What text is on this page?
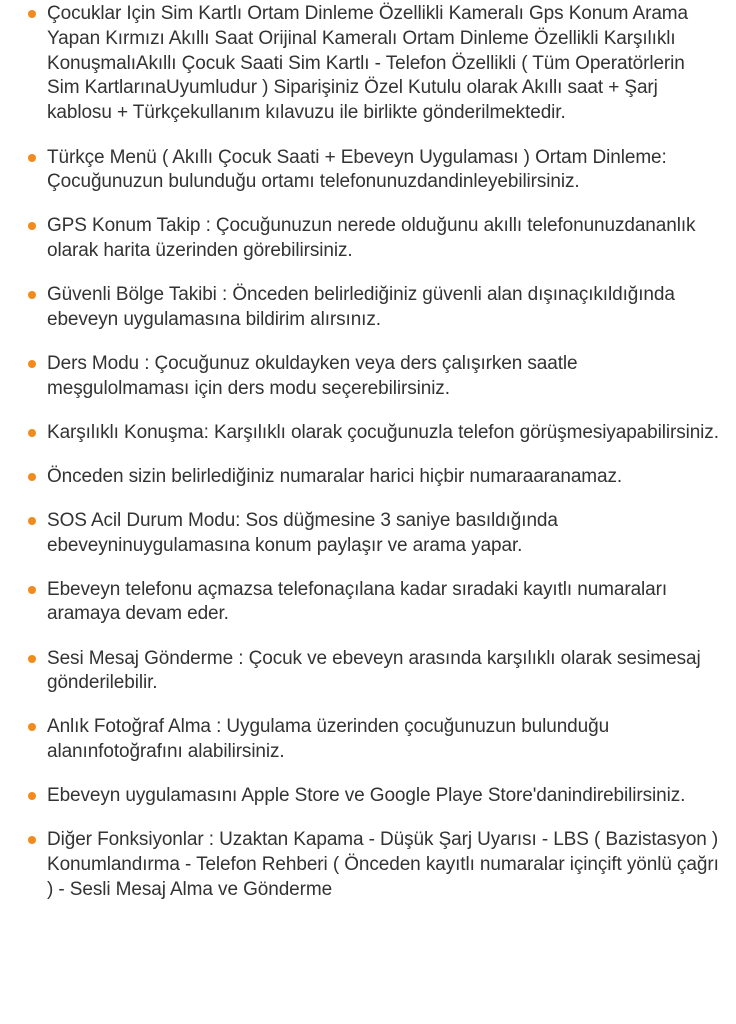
Çocuklar Için Sim Kartlı Ortam Dinleme Özellikli Kameralı Gps Konum Arama Yapan Kırmızı Akıllı Saat Orijinal Kameralı Ortam Dinleme Özellikli Karşılıklı KonuşmalıAkıllı Çocuk Saati Sim Kartlı - Telefon Özellikli ( Tüm Operatörlerin Sim KartlarınaUyumludur ) Siparişiniz Özel Kutulu olarak Akıllı saat + Şarj kablosu + Türkçekullanım kılavuzu ile birlikte gönderilmektedir.
Türkçe Menü ( Akıllı Çocuk Saati + Ebeveyn Uygulaması ) Ortam Dinleme: Çocuğunuzun bulunduğu ortamı telefonunuzdandinleyebilirsiniz.
GPS Konum Takip : Çocuğunuzun nerede olduğunu akıllı telefonunuzdananlık olarak harita üzerinden görebilirsiniz.
Güvenli Bölge Takibi : Önceden belirlediğiniz güvenli alan dışınaçıkıldığında ebeveyn uygulamasına bildirim alırsınız.
Ders Modu : Çocuğunuz okuldayken veya ders çalışırken saatle meşgulolmaması için ders modu seçerebilirsiniz.
Karşılıklı Konuşma: Karşılıklı olarak çocuğunuzla telefon görüşmesiyapabilirsiniz.
Önceden sizin belirlediğiniz numaralar harici hiçbir numaraaranamaz.
SOS Acil Durum Modu: Sos düğmesine 3 saniye basıldığında ebeveyninuygulamasına konum paylaşır ve arama yapar.
Ebeveyn telefonu açmazsa telefonaçılana kadar sıradaki kayıtlı numaraları aramaya devam eder.
Sesi Mesaj Gönderme : Çocuk ve ebeveyn arasında karşılıklı olarak sesimesaj gönderilebilir.
Anlık Fotoğraf Alma : Uygulama üzerinden çocuğunuzun bulunduğu alanınfotoğrafını alabilirsiniz.
Ebeveyn uygulamasını Apple Store ve Google Playe Store'danindirebilirsiniz.
Diğer Fonksiyonlar : Uzaktan Kapama - Düşük Şarj Uyarısı - LBS ( Bazistasyon ) Konumlandırma - Telefon Rehberi ( Önceden kayıtlı numaralar içinçift yönlü çağrı ) - Sesli Mesaj Alma ve Gönderme
